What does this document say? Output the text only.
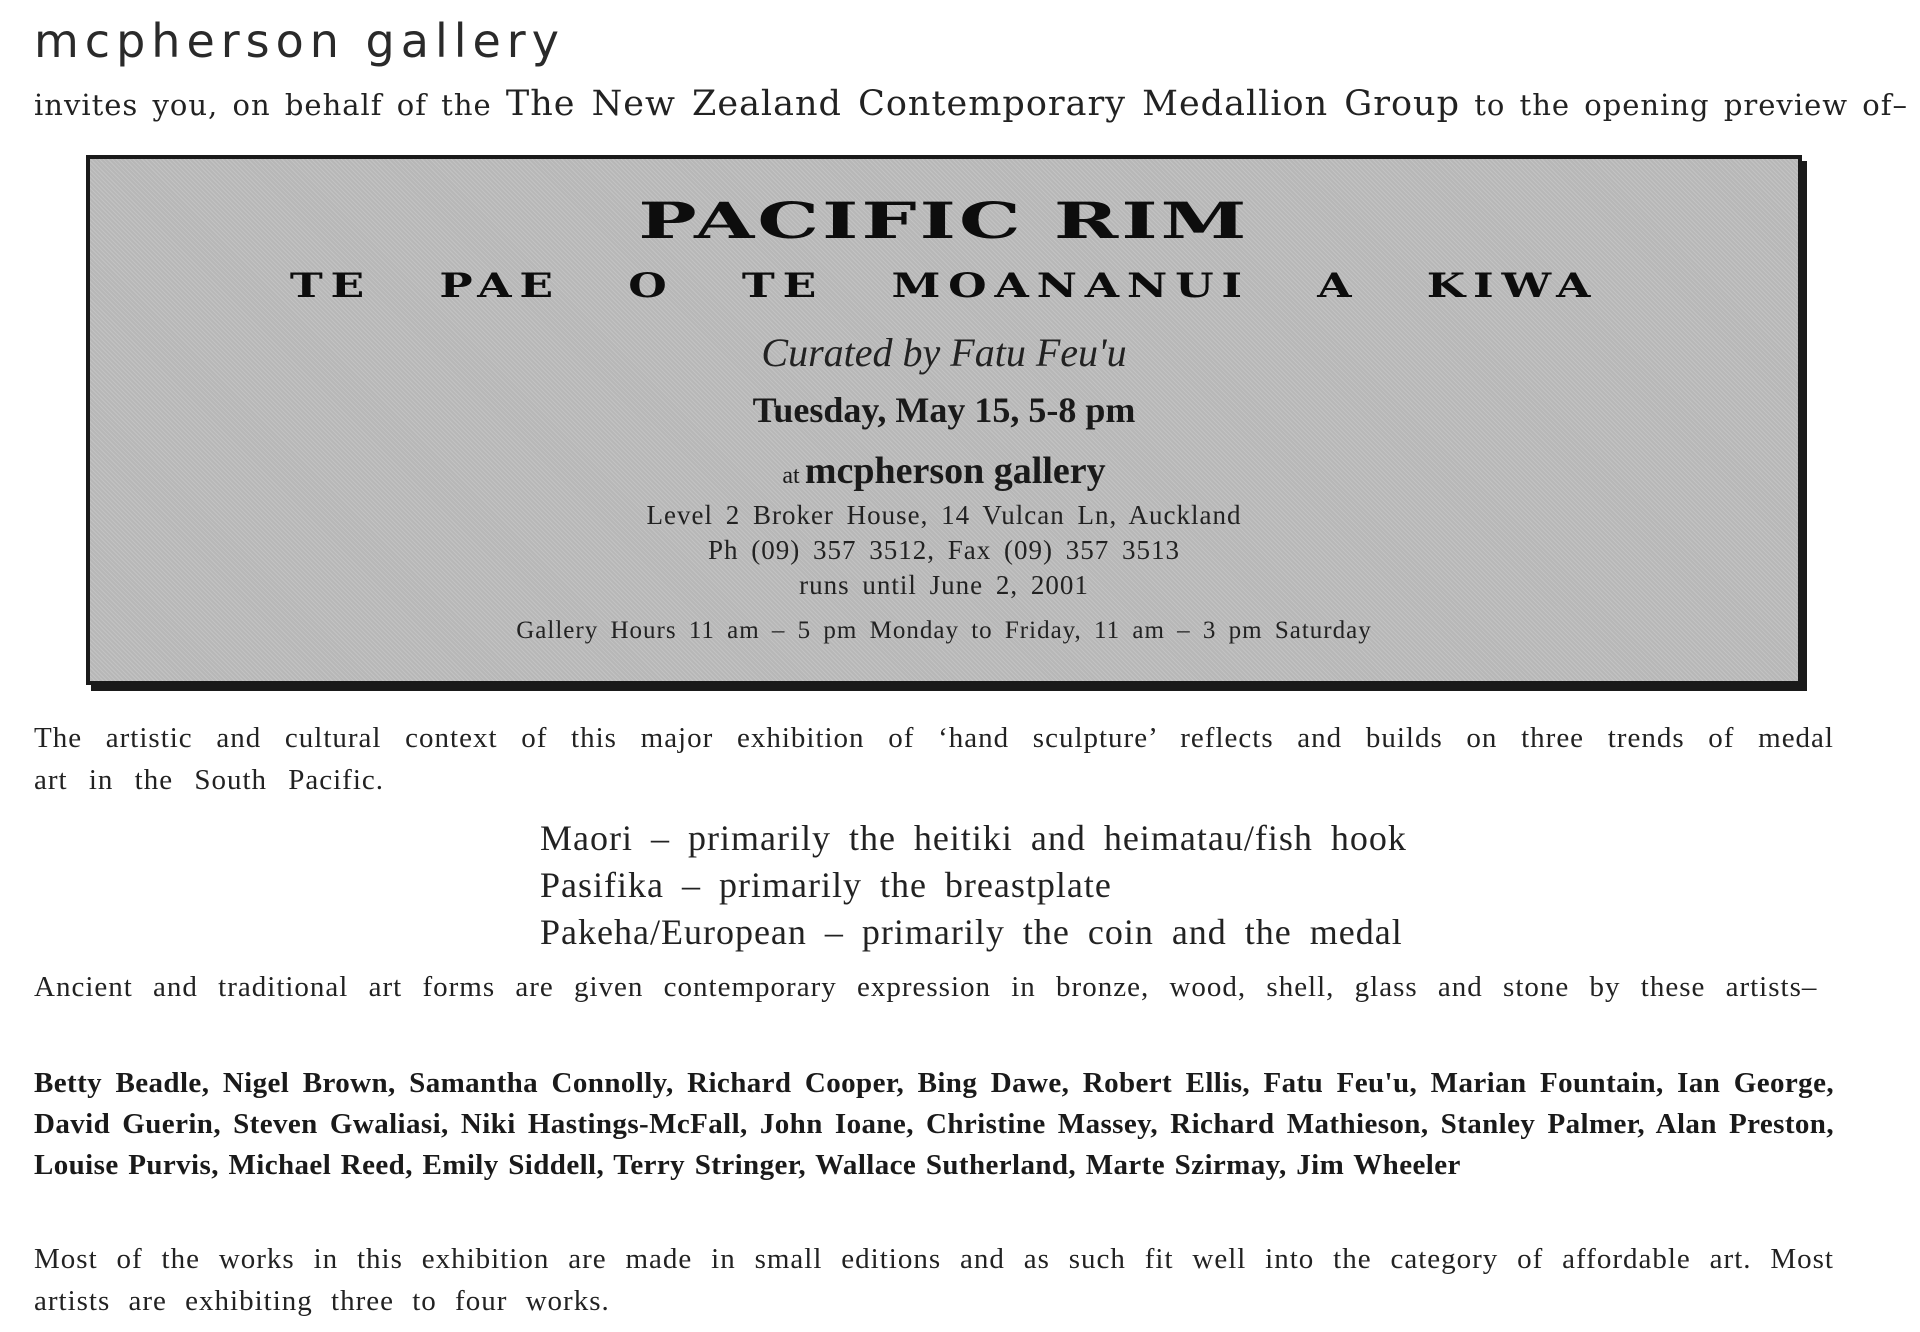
mcpherson gallery

invites you, on behalf of the The New Zealand Contemporary Medallion Group to the opening preview of–

PACIFIC RIM
TE PAE O TE MOANANUI A KIWA

Curated by Fatu Feu'u

Tuesday, May 15, 5-8 pm

at mcpherson gallery

Level 2 Broker House, 14 Vulcan Ln, Auckland

Ph (09) 357 3512, Fax (09) 357 3513

runs until June 2, 2001

Gallery Hours 11 am – 5 pm Monday to Friday, 11 am – 3 pm Saturday

The artistic and cultural context of this major exhibition of ‘hand sculpture’ reflects and builds on three trends of medal art in the South Pacific.

Maori – primarily the heitiki and heimatau/fish hook
Pasifika – primarily the breastplate
Pakeha/European – primarily the coin and the medal

Ancient and traditional art forms are given contemporary expression in bronze, wood, shell, glass and stone by these artists–

Betty Beadle, Nigel Brown, Samantha Connolly, Richard Cooper, Bing Dawe, Robert Ellis, Fatu Feu'u, Marian Fountain, Ian George, David Guerin, Steven Gwaliasi, Niki Hastings-McFall, John Ioane, Christine Massey, Richard Mathieson, Stanley Palmer, Alan Preston, Louise Purvis, Michael Reed, Emily Siddell, Terry Stringer, Wallace Sutherland, Marte Szirmay, Jim Wheeler

Most of the works in this exhibition are made in small editions and as such fit well into the category of affordable art. Most artists are exhibiting three to four works.
